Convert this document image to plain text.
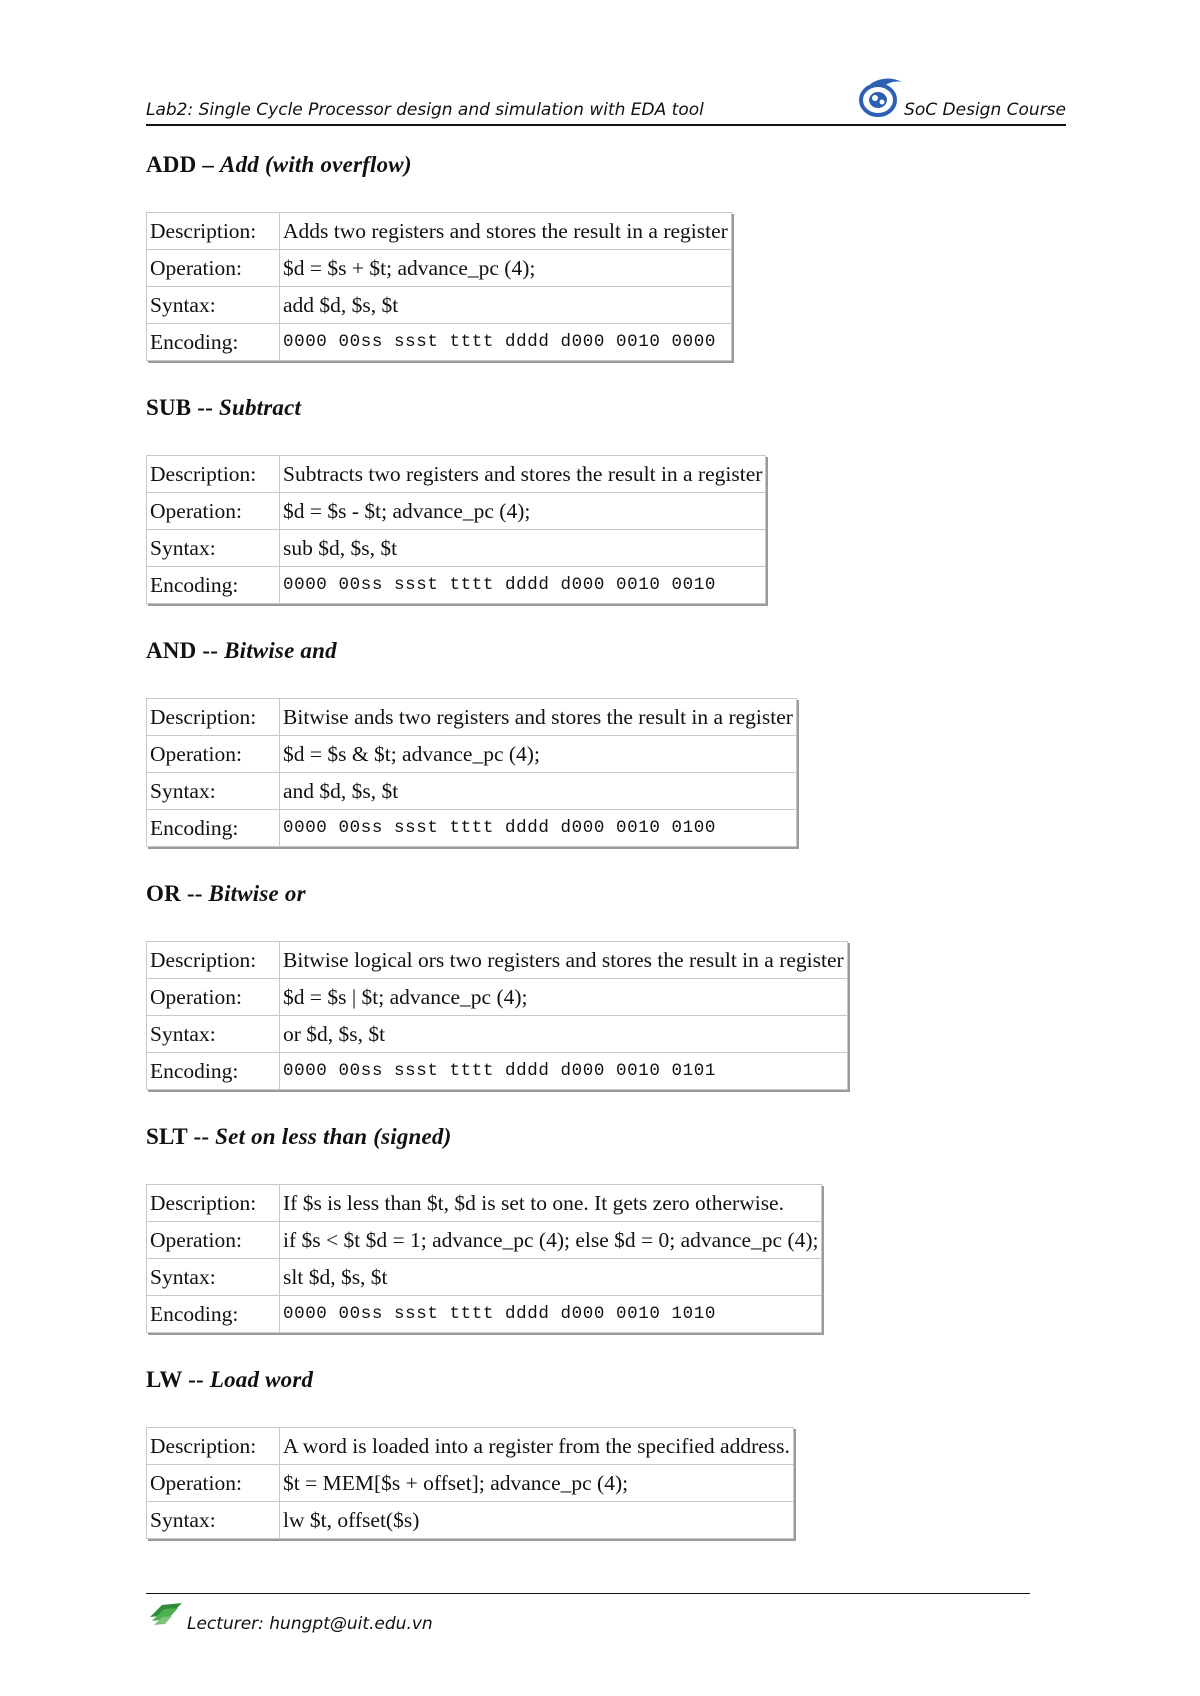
Lab2: Single Cycle Processor design and simulation with EDA tool	SoC Design Course
ADD – Add (with overflow)
Description:	Adds two registers and stores the result in a register
Operation:	$d = $s + $t; advance_pc (4);
Syntax:	add $d, $s, $t
Encoding:	0000 00ss ssst tttt dddd d000 0010 0000
SUB -- Subtract
Description:	Subtracts two registers and stores the result in a register
Operation:	$d = $s - $t; advance_pc (4);
Syntax:	sub $d, $s, $t
Encoding:	0000 00ss ssst tttt dddd d000 0010 0010
AND -- Bitwise and
Description:	Bitwise ands two registers and stores the result in a register
Operation:	$d = $s & $t; advance_pc (4);
Syntax:	and $d, $s, $t
Encoding:	0000 00ss ssst tttt dddd d000 0010 0100
OR -- Bitwise or
Description:	Bitwise logical ors two registers and stores the result in a register
Operation:	$d = $s | $t; advance_pc (4);
Syntax:	or $d, $s, $t
Encoding:	0000 00ss ssst tttt dddd d000 0010 0101
SLT -- Set on less than (signed)
Description:	If $s is less than $t, $d is set to one. It gets zero otherwise.
Operation:	if $s < $t $d = 1; advance_pc (4); else $d = 0; advance_pc (4);
Syntax:	slt $d, $s, $t
Encoding:	0000 00ss ssst tttt dddd d000 0010 1010
LW -- Load word
Description:	A word is loaded into a register from the specified address.
Operation:	$t = MEM[$s + offset]; advance_pc (4);
Syntax:	lw $t, offset($s)
Lecturer: hungpt@uit.edu.vn
